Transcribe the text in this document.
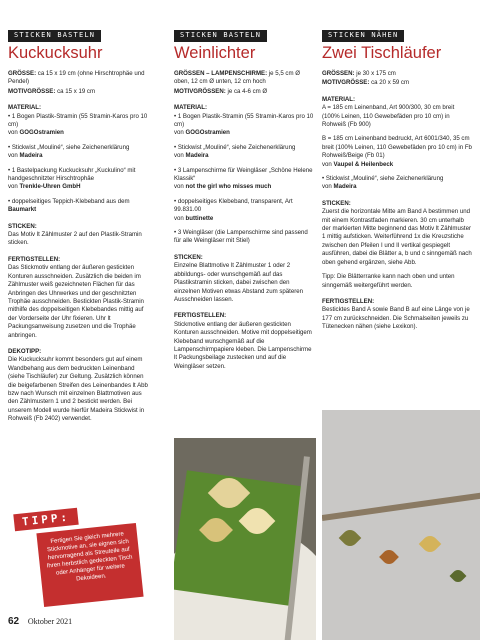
STICKEN BASTELN
Kuckucksuhr
GRÖSSE: ca 15 x 19 cm (ohne Hirschtrophäe und Pendel)
MOTIVGRÖSSE: ca 15 x 19 cm
MATERIAL:
• 1 Bogen Plastik-Stramin (55 Stramin-Karos pro 10 cm)
von GOGOstramien
• Stickwist „Mouliné“, siehe Zeichenerklärung
von Madeira
• 1 Bastelpackung Kuckucksuhr „Kuckulino“ mit handgeschnitzter Hirschtrophäe
von Trenkle-Uhren GmbH
• doppelseitiges Teppich-Klebeband aus dem Baumarkt
STICKEN:
Das Motiv lt Zählmuster 2 auf den Plastik-Stramin sticken.
FERTIGSTELLEN:
Das Stickmotiv entlang der äußeren gestickten Konturen ausschneiden. Zusätzlich die beiden im Zählmuster weiß gezeichneten Flächen für das Anbringen des Uhrwerkes und der geschnitzten Trophäe ausschneiden. Bestickten Plastik-Stramin mithilfe des doppelseitigen Klebebandes mittig auf der Vorderseite der Uhr fixieren. Uhr lt Packungsanweisung zusetzen und die Trophäe anbringen.
DEKOTIPP:
Die Kuckucksuhr kommt besonders gut auf einem Wandbehang aus dem bedruckten Leinenband (siehe Tischläufer) zur Geltung. Zusätzlich können die beigefarbenen Streifen des Leinenbandes lt Abb bzw nach Wunsch mit einzelnen Blattmotiven aus den Zählmustern 1 und 2 bestickt werden. Bei unserem Modell wurde hierfür Madeira Stickwist in Rohweiß (Fb 2402) verwendet.
STICKEN BASTELN
Weinlichter
GRÖSSEN – LAMPENSCHIRME: je 5,5 cm Ø oben, 12 cm Ø unten, 12 cm hoch
MOTIVGRÖSSEN: je ca 4-6 cm Ø
MATERIAL:
• 1 Bogen Plastik-Stramin (55 Stramin-Karos pro 10 cm)
von GOGOstramien
• Stickwist „Mouliné“, siehe Zeichenerklärung
von Madeira
• 3 Lampenschirme für Weingläser „Schöne Helene Klassik“
von not the girl who misses much
• doppelseitiges Klebeband, transparent, Art 99.831.00
von buttinette
• 3 Weingläser (die Lampenschirme sind passend für alle Weingläser mit Stiel)
STICKEN:
Einzelne Blattmotive lt Zählmuster 1 oder 2 abbildungs- oder wunschgemäß auf das Plastikstramin sticken, dabei zwischen den einzelnen Motiven etwas Abstand zum späteren Ausschneiden lassen.
FERTIGSTELLEN:
Stickmotive entlang der äußeren gestickten Konturen ausschneiden. Motive mit doppelseitigem Klebeband wunschgemäß auf die Lampenschirmpapiere kleben. Die Lampenschirme lt Packungsbeilage zustecken und auf die Weingläser setzen.
STICKEN NÄHEN
Zwei Tischläufer
GRÖSSEN: je 30 x 175 cm
MOTIVGRÖSSE: ca 20 x 59 cm
MATERIAL:
A = 185 cm Leinenband, Art 900/300, 30 cm breit (100% Leinen, 110 Gewebefäden pro 10 cm) in Rohweiß (Fb 900)
B = 185 cm Leinenband bedruckt, Art 6001/340, 35 cm breit (100% Leinen, 110 Gewebefäden pro 10 cm) in Fb Rohweiß/Beige (Fb 01)
von Vaupel & Heilenbeck
• Stickwist „Mouliné“, siehe Zeichenerklärung
von Madeira
STICKEN:
Zuerst die horizontale Mitte am Band A bestimmen und mit einem Kontrastfaden markieren. 30 cm unterhalb der markierten Mitte beginnend das Motiv lt Zählmuster 1 mittig aufsticken. Weiterführend 1x die Kreuzstiche zwischen den Pfeilen I und II vertikal gespiegelt ausführen, dabei die Blätter a, b und c sinngemäß nach oben gehend ergänzen, siehe Abb.
Tipp: Die Blätterranke kann nach oben und unten sinngemäß weitergeführt werden.
FERTIGSTELLEN:
Besticktes Band A sowie Band B auf eine Länge von je 177 cm zurückschneiden. Die Schmalseiten jeweils zu Tütenecken nähen (siehe Lexikon).
TIPP:
Fertigen Sie gleich mehrere Stickmotive an, sie eignen sich hervorragend als Streuteile auf Ihren herbstlich gedeckten Tisch oder Anhänger für weitere Dekoideen.
62 Oktober 2021
